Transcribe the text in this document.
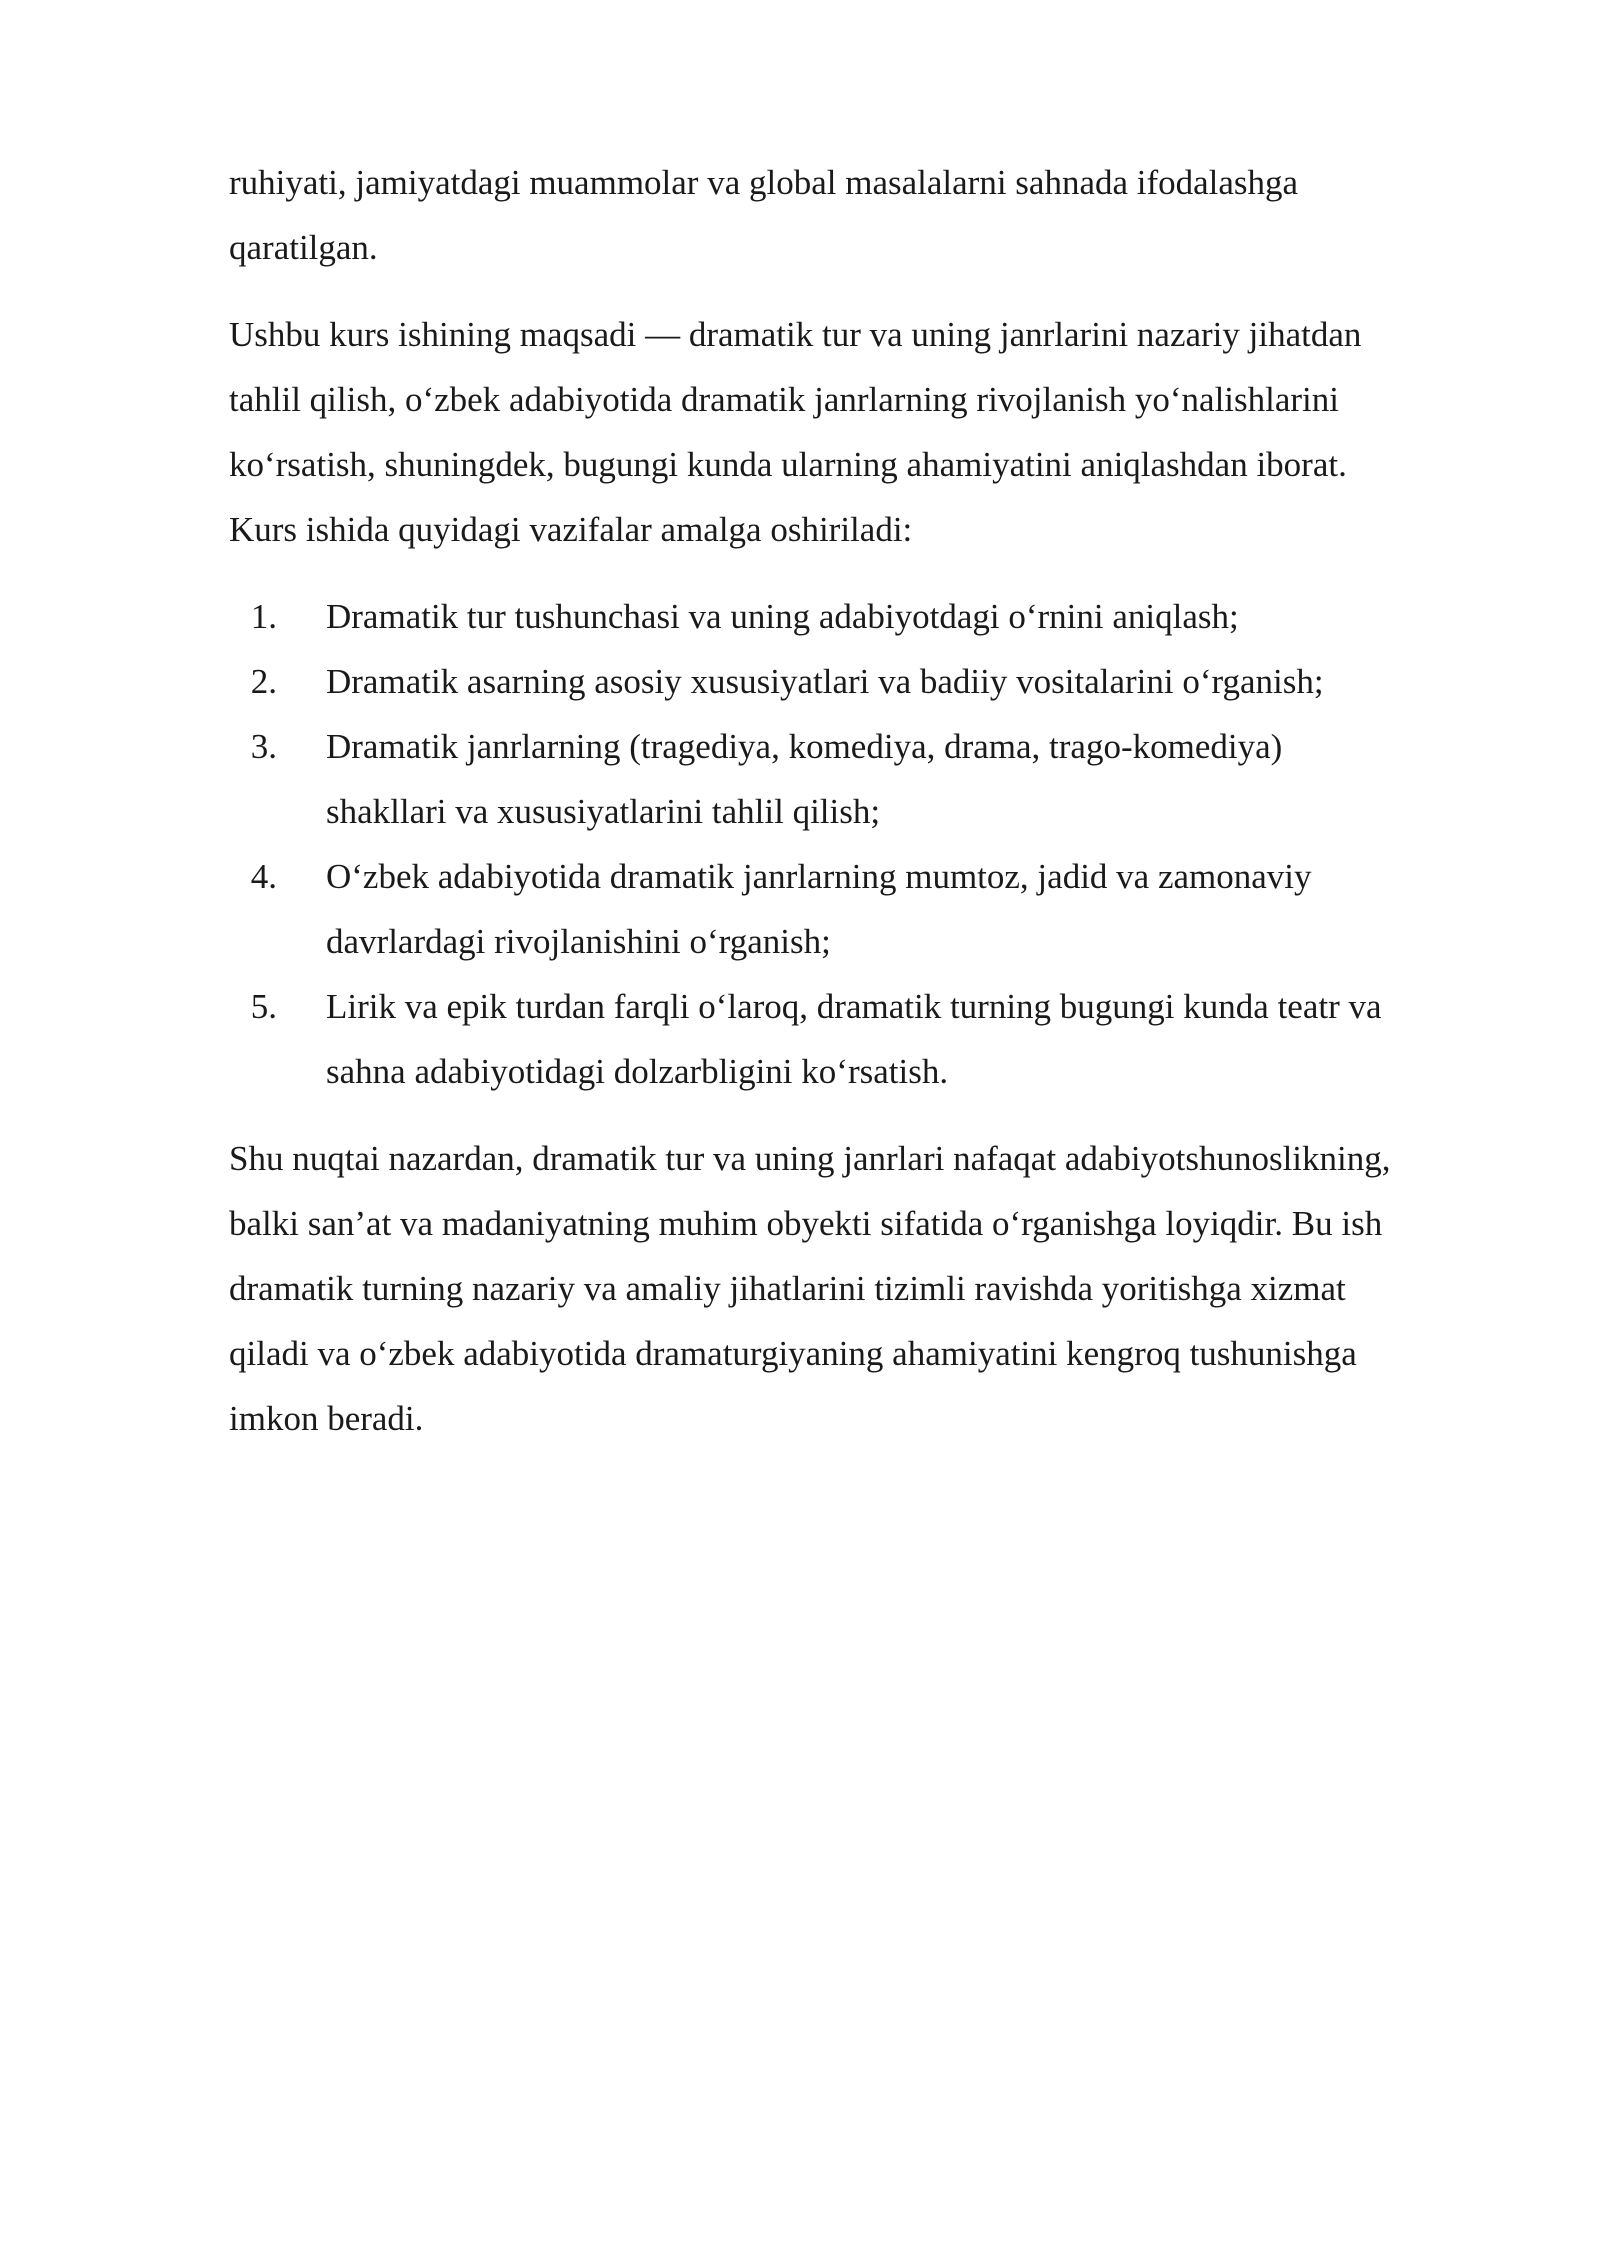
ruhiyati, jamiyatdagi muammolar va global masalalarni sahnada ifodalashga
qaratilgan.

Ushbu kurs ishining maqsadi — dramatik tur va uning janrlarini nazariy jihatdan
tahlil qilish, o‘zbek adabiyotida dramatik janrlarning rivojlanish yo‘nalishlarini
ko‘rsatish, shuningdek, bugungi kunda ularning ahamiyatini aniqlashdan iborat.
Kurs ishida quyidagi vazifalar amalga oshiriladi:

1.	Dramatik tur tushunchasi va uning adabiyotdagi o‘rnini aniqlash;
2.	Dramatik asarning asosiy xususiyatlari va badiiy vositalarini o‘rganish;
3.	Dramatik janrlarning (tragediya, komediya, drama, trago-komediya)
shakllari va xususiyatlarini tahlil qilish;
4.	O‘zbek adabiyotida dramatik janrlarning mumtoz, jadid va zamonaviy
davrlardagi rivojlanishini o‘rganish;
5.	Lirik va epik turdan farqli o‘laroq, dramatik turning bugungi kunda teatr va
sahna adabiyotidagi dolzarbligini ko‘rsatish.

Shu nuqtai nazardan, dramatik tur va uning janrlari nafaqat adabiyotshunoslikning,
balki san’at va madaniyatning muhim obyekti sifatida o‘rganishga loyiqdir. Bu ish
dramatik turning nazariy va amaliy jihatlarini tizimli ravishda yoritishga xizmat
qiladi va o‘zbek adabiyotida dramaturgiyaning ahamiyatini kengroq tushunishga
imkon beradi.
